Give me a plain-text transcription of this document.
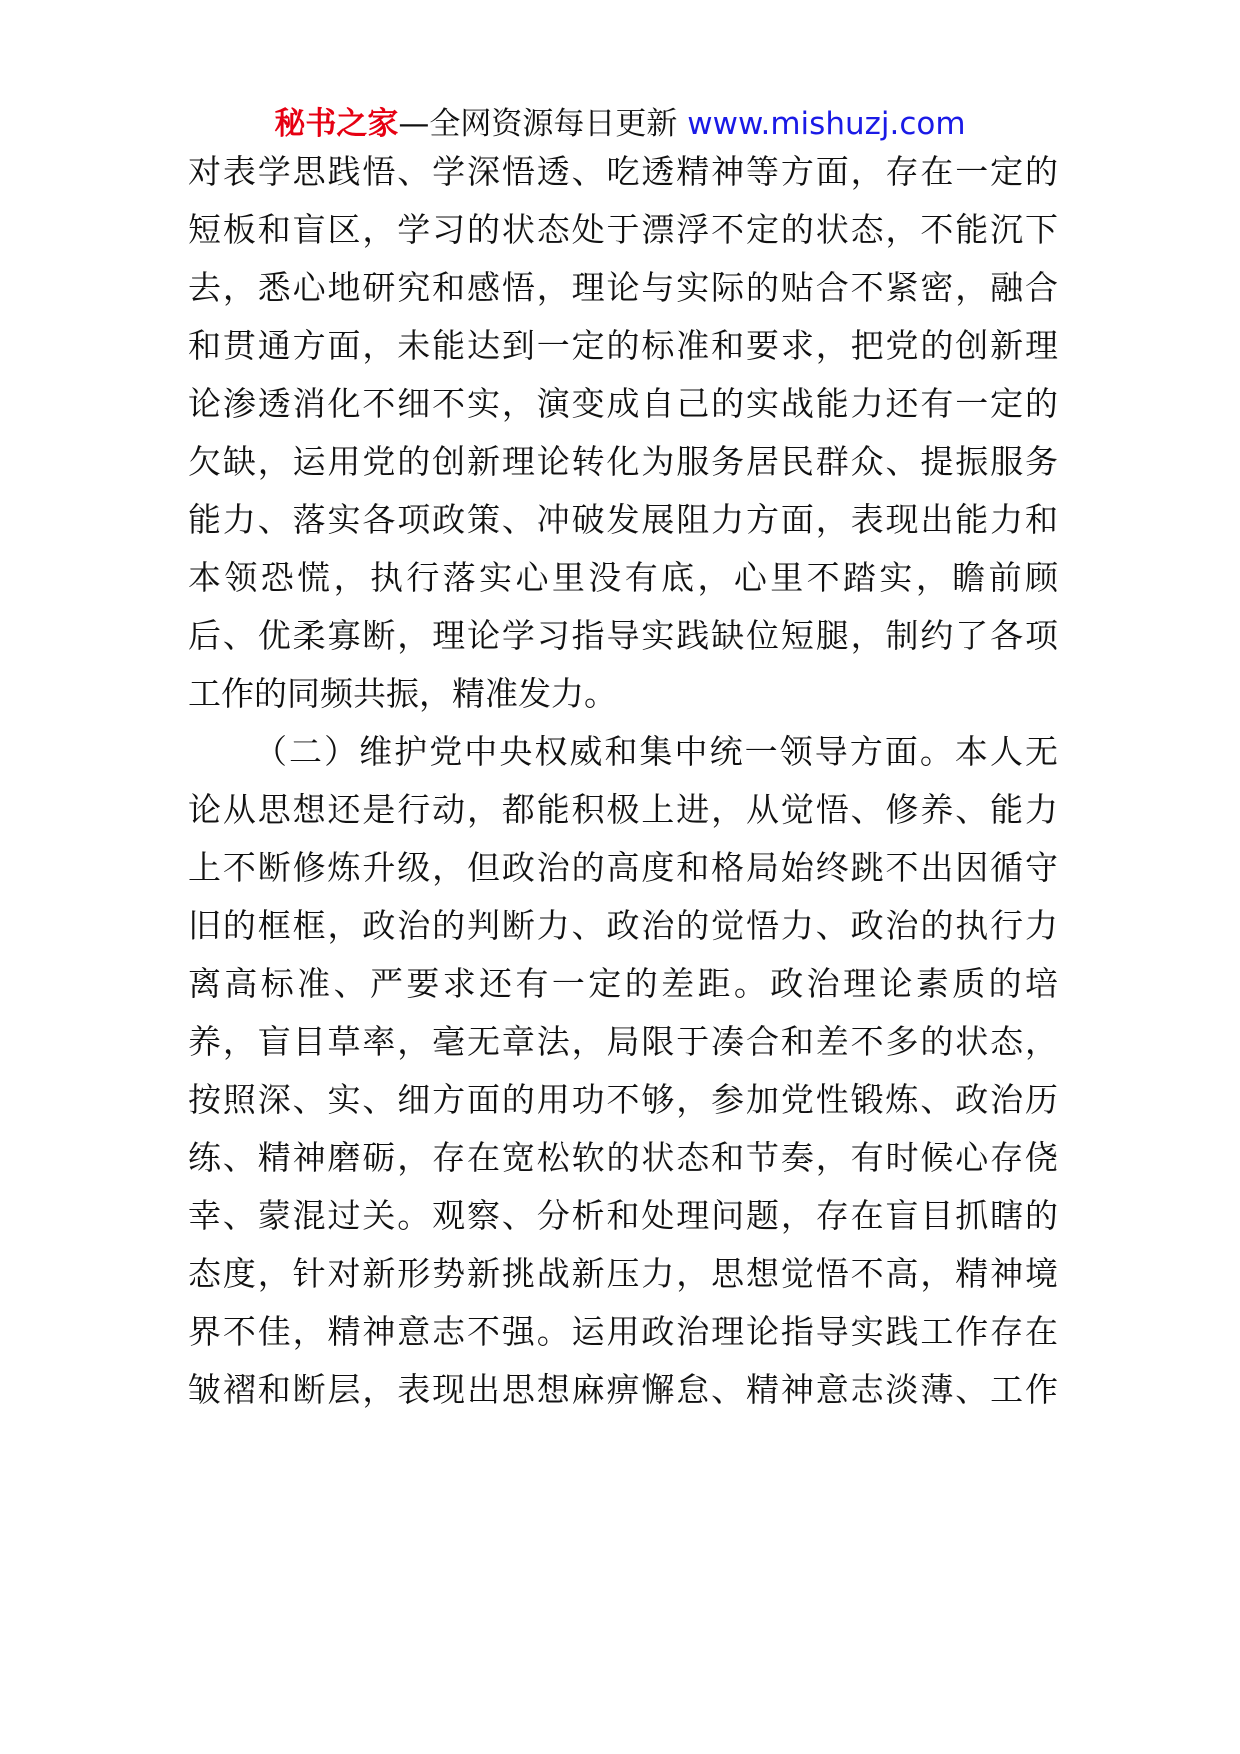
秘书之家—全网资源每日更新 www.mishuzj.com
对表学思践悟、学深悟透、吃透精神等方面，存在一定的
短板和盲区，学习的状态处于漂浮不定的状态，不能沉下
去，悉心地研究和感悟，理论与实际的贴合不紧密，融合
和贯通方面，未能达到一定的标准和要求，把党的创新理
论渗透消化不细不实，演变成自己的实战能力还有一定的
欠缺，运用党的创新理论转化为服务居民群众、提振服务
能力、落实各项政策、冲破发展阻力方面，表现出能力和
本领恐慌，执行落实心里没有底，心里不踏实，瞻前顾
后、优柔寡断，理论学习指导实践缺位短腿，制约了各项
工作的同频共振，精准发力。
（二）维护党中央权威和集中统一领导方面。本人无
论从思想还是行动，都能积极上进，从觉悟、修养、能力
上不断修炼升级，但政治的高度和格局始终跳不出因循守
旧的框框，政治的判断力、政治的觉悟力、政治的执行力
离高标准、严要求还有一定的差距。政治理论素质的培
养，盲目草率，毫无章法，局限于凑合和差不多的状态，
按照深、实、细方面的用功不够，参加党性锻炼、政治历
练、精神磨砺，存在宽松软的状态和节奏，有时候心存侥
幸、蒙混过关。观察、分析和处理问题，存在盲目抓瞎的
态度，针对新形势新挑战新压力，思想觉悟不高，精神境
界不佳，精神意志不强。运用政治理论指导实践工作存在
皱褶和断层，表现出思想麻痹懈怠、精神意志淡薄、工作
